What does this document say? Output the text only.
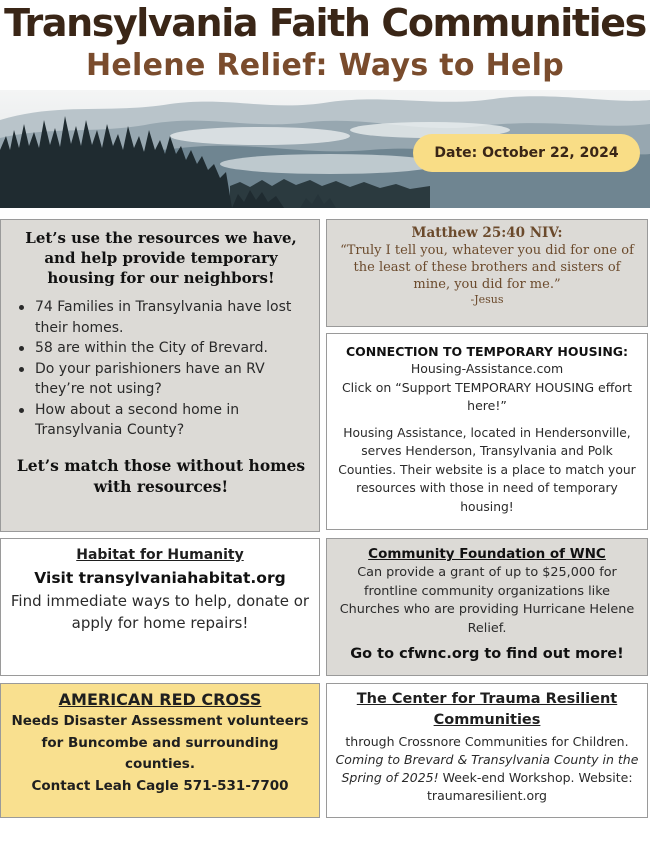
Transylvania Faith Communities
Helene Relief: Ways to Help
Date: October 22, 2024
Let’s use the resources we have, and help provide temporary housing for our neighbors!
74 Families in Transylvania have lost their homes.
58 are within the City of Brevard.
Do your parishioners have an RV they’re not using?
How about a second home in Transylvania County?
Let’s match those without homes with resources!
Matthew 25:40 NIV:
“Truly I tell you, whatever you did for one of the least of these brothers and sisters of mine, you did for me.”
-Jesus
CONNECTION TO TEMPORARY HOUSING:
Housing-Assistance.com
Click on “Support TEMPORARY HOUSING effort here!”
Housing Assistance, located in Hendersonville, serves Henderson, Transylvania and Polk Counties. Their website is a place to match your resources with those in need of temporary housing!
Habitat for Humanity
Visit transylvaniahabitat.org
Find immediate ways to help, donate or apply for home repairs!
Community Foundation of WNC
Can provide a grant of up to $25,000 for frontline community organizations like Churches who are providing Hurricane Helene Relief.
Go to cfwnc.org to find out more!
AMERICAN RED CROSS
Needs Disaster Assessment volunteers for Buncombe and surrounding counties.
Contact Leah Cagle 571-531-7700
The Center for Trauma Resilient Communities
through Crossnore Communities for Children. Coming to Brevard & Transylvania County in the Spring of 2025! Week-end Workshop. Website: traumaresilient.org
